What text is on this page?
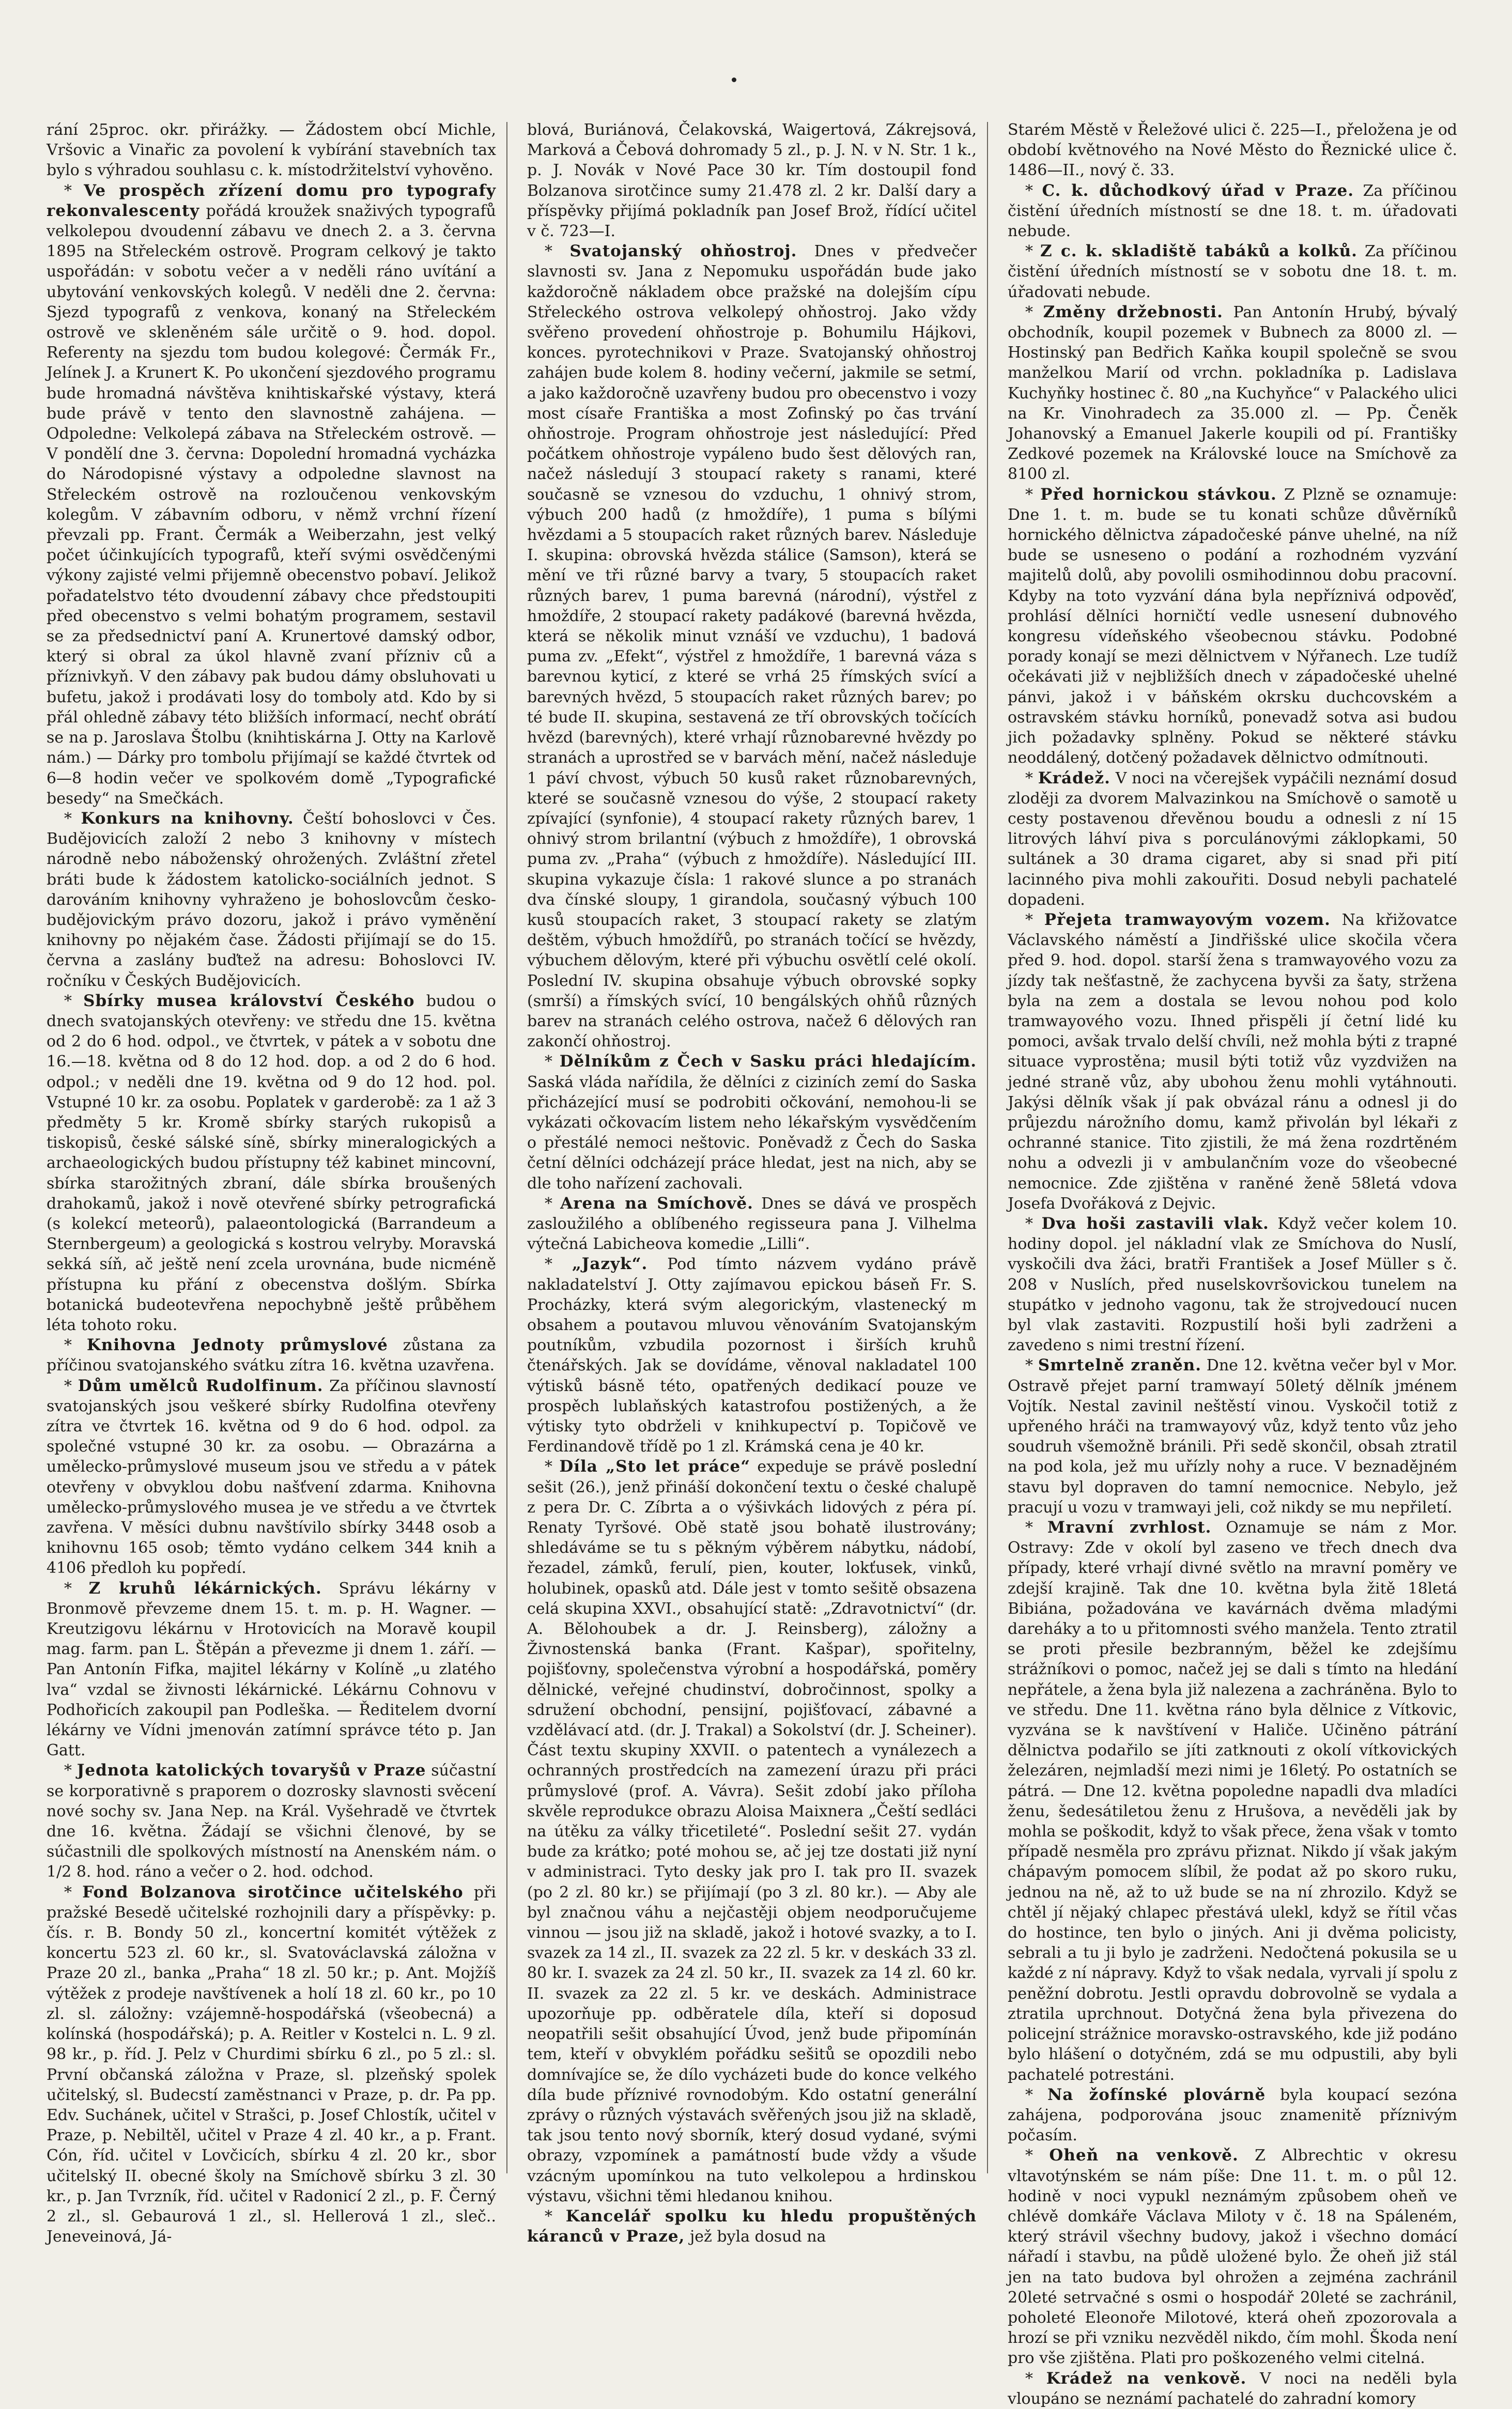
rání 25proc. okr. přirážky. — Žádostem obcí Michle, Vršovic a Vinařic za povolení k vybírání stavebních tax bylo s výhradou souhlasu c. k. místodržitelství vyhověno.

* Ve prospěch zřízení domu pro typografy rekonvalescenty pořádá kroužek snaživých typografů velkolepou dvoudenní zábavu ve dnech 2. a 3. června 1895 na Střeleckém ostrově. Program celkový je takto uspořádán: v sobotu večer a v neděli ráno uvítání a ubytování venkovských kolegů. V neděli dne 2. června: Sjezd typografů z venkova, konaný na Střeleckém ostrově ve skleněném sále určitě o 9. hod. dopol. Referenty na sjezdu tom budou kolegové: Čermák Fr., Jelínek J. a Krunert K. Po ukončení sjezdového programu bude hromadná návštěva knihtiskařské výstavy, která bude právě v tento den slavnostně zahájena. — Odpoledne: Velkolepá zábava na Střeleckém ostrově. — V pondělí dne 3. června: Dopolední hromadná vycházka do Národopisné výstavy a odpoledne slavnost na Střeleckém ostrově na rozloučenou venkovským kolegům. V zábavním odboru, v němž vrchní řízení převzali pp. Frant. Čermák a Weiberzahn, jest velký počet účinkujících typografů, kteří svými osvědčenými výkony zajisté velmi přijemně obecenstvo pobaví. Jelikož pořadatelstvo této dvoudenní zábavy chce předstoupiti před obecenstvo s velmi bohatým programem, sestavil se za předsednictví paní A. Krunertové damský odbor, který si obral za úkol hlavně zvaní přízniv ců a příznivkyň. V den zábavy pak budou dámy obsluhovati u bufetu, jakož i prodávati losy do tomboly atd. Kdo by si přál ohledně zábavy této bližších informací, nechť obrátí se na p. Jaroslava Štolbu (knihtiskárna J. Otty na Karlově nám.) — Dárky pro tombolu přijímají se každé čtvrtek od 6—8 hodin večer ve spolkovém domě „Typografické besedy“ na Smečkách.

* Konkurs na knihovny. Čeští bohoslovci v Čes. Budějovicích založí 2 nebo 3 knihovny v místech národně nebo náboženský ohrožených. Zvláštní zřetel bráti bude k žádostem katolicko-sociálních jednot. S darováním knihovny vyhraženo je bohoslovcům česko-budějovickým právo dozoru, jakož i právo vyměnění knihovny po nějakém čase. Žádosti přijímají se do 15. června a zaslány buďtež na adresu: Bohoslovci IV. ročníku v Českých Budějovicích.

* Sbírky musea království Českého budou o dnech svatojanských otevřeny: ve středu dne 15. května od 2 do 6 hod. odpol., ve čtvrtek, v pátek a v sobotu dne 16.—18. května od 8 do 12 hod. dop. a od 2 do 6 hod. odpol.; v neděli dne 19. května od 9 do 12 hod. pol. Vstupné 10 kr. za osobu. Poplatek v garderobě: za 1 až 3 předměty 5 kr. Kromě sbírky starých rukopisů a tiskopisů, české sálské síně, sbírky mineralogických a archaeologických budou přístupny též kabinet mincovní, sbírka starožitných zbraní, dále sbírka broušených drahokamů, jakož i nově otevřené sbírky petrografická (s kolekcí meteorů), palaeontologická (Barrandeum a Sternbergeum) a geologická s kostrou velryby. Moravská sekká síň, ač ještě není zcela urovnána, bude nicméně přístupna ku přání z obecenstva došlým. Sbírka botanická budeotevřena nepochybně ještě průběhem léta tohoto roku.

* Knihovna Jednoty průmyslové zůstana za příčinou svatojanského svátku zítra 16. května uzavřena.

* Dům umělců Rudolfinum. Za příčinou slavností svatojanských jsou veškeré sbírky Rudolfina otevřeny zítra ve čtvrtek 16. května od 9 do 6 hod. odpol. za společné vstupné 30 kr. za osobu. — Obrazárna a umělecko-průmyslové museum jsou ve středu a v pátek otevřeny v obvyklou dobu našťvení zdarma. Knihovna umělecko-průmyslového musea je ve středu a ve čtvrtek zavřena. V měsíci dubnu navštívilo sbírky 3448 osob a knihovnu 165 osob; těmto vydáno celkem 344 knih a 4106 předloh ku popředí.

* Z kruhů lékárnických. Správu lékárny v Bronmově převzeme dnem 15. t. m. p. H. Wagner. — Kreutzigovu lékárnu v Hrotovicích na Moravě koupil mag. farm. pan L. Štěpán a převezme ji dnem 1. září. — Pan Antonín Fifka, majitel lékárny v Kolíně „u zlatého lva“ vzdal se živnosti lékárnické. Lékárnu Cohnovu v Podhořicích zakoupil pan Podleška. — Ředitelem dvorní lékárny ve Vídni jmenován zatímní správce této p. Jan Gatt.

* Jednota katolických tovaryšů v Praze súčastní se korporativně s praporem o dozrosky slavnosti svěcení nové sochy sv. Jana Nep. na Král. Vyšehradě ve čtvrtek dne 16. května. Žádají se všichni členové, by se súčastnili dle spolkových místností na Anenském nám. o 1/2 8. hod. ráno a večer o 2. hod. odchod.

* Fond Bolzanova sirotčince učitelského při pražské Besedě učitelské rozhojnili dary a příspěvky: p. čís. r. B. Bondy 50 zl., koncertní komitét výtěžek z koncertu 523 zl. 60 kr., sl. Svatováclavská záložna v Praze 20 zl., banka „Praha“ 18 zl. 50 kr.; p. Ant. Mojžíš výtěžek z prodeje navštívenek a holí 18 zl. 60 kr., po 10 zl. sl. záložny: vzájemně-hospodářská (všeobecná) a kolínská (hospodářská); p. A. Reitler v Kostelci n. L. 9 zl. 98 kr., p. říd. J. Pelz v Churdimi sbírku 6 zl., po 5 zl.: sl. První občanská záložna v Praze, sl. plzeňský spolek učitelský, sl. Budecstí zaměstnanci v Praze, p. dr. Pa pp. Edv. Suchánek, učitel v Strašci, p. Josef Chlostík, učitel v Praze, p. Nebiltěl, učitel v Praze 4 zl. 40 kr., a p. Frant. Cón, říd. učitel v Lovčicích, sbírku 4 zl. 20 kr., sbor učitelský II. obecné školy na Smíchově sbírku 3 zl. 30 kr., p. Jan Tvrzník, říd. učitel v Radonicí 2 zl., p. F. Černý 2 zl., sl. Gebaurová 1 zl., sl. Hellerová 1 zl., sleč.. Jeneveinová, Já-

blová, Buriánová, Čelakovská, Waigertová, Zákrejsová, Marková a Čebová dohromady 5 zl., p. J. N. v N. Str. 1 k., p. J. Novák v Nové Pace 30 kr. Tím dostoupil fond Bolzanova sirotčince sumy 21.478 zl. 2 kr. Další dary a příspěvky přijímá pokladník pan Josef Brož, řídící učitel v č. 723—I.

* Svatojanský ohňostroj. Dnes v předvečer slavnosti sv. Jana z Nepomuku uspořádán bude jako každoročně nákladem obce pražské na dolejším cípu Střeleckého ostrova velkolepý ohňostroj. Jako vždy svěřeno provedení ohňostroje p. Bohumilu Hájkovi, konces. pyrotechnikovi v Praze. Svatojanský ohňostroj zahájen bude kolem 8. hodiny večerní, jakmile se setmí, a jako každoročně uzavřeny budou pro obecenstvo i vozy most císaře Františka a most Zofinský po čas trvání ohňostroje. Program ohňostroje jest následující: Před počátkem ohňostroje vypáleno budo šest dělových ran, načež následují 3 stoupací rakety s ranami, které současně se vznesou do vzduchu, 1 ohnivý strom, výbuch 200 hadů (z hmoždíře), 1 puma s bílými hvězdami a 5 stoupacích raket různých barev. Následuje I. skupina: obrovská hvězda stálice (Samson), která se mění ve tři různé barvy a tvary, 5 stoupacích raket různých barev, 1 puma barevná (národní), výstřel z hmoždíře, 2 stoupací rakety padákové (barevná hvězda, která se několik minut vznáší ve vzduchu), 1 badová puma zv. „Efekt“, výstřel z hmoždíře, 1 barevná váza s barevnou kyticí, z které se vrhá 25 římských svící a barevných hvězd, 5 stoupacích raket různých barev; po té bude II. skupina, sestavená ze tří obrovských točících hvězd (barevných), které vrhají různobarevné hvězdy po stranách a uprostřed se v barvách mění, načež následuje 1 páví chvost, výbuch 50 kusů raket různobarevných, které se současně vznesou do výše, 2 stoupací rakety zpívající (synfonie), 4 stoupací rakety různých barev, 1 ohnivý strom brilantní (výbuch z hmoždíře), 1 obrovská puma zv. „Praha“ (výbuch z hmoždíře). Následující III. skupina vykazuje čísla: 1 rakové slunce a po stranách dva čínské sloupy, 1 girandola, současný výbuch 100 kusů stoupacích raket, 3 stoupací rakety se zlatým deštěm, výbuch hmoždířů, po stranách točící se hvězdy, výbuchem dělovým, které při výbuchu osvětlí celé okolí. Poslední IV. skupina obsahuje výbuch obrovské sopky (smrší) a římských svící, 10 bengálských ohňů různých barev na stranách celého ostrova, načež 6 dělových ran zakončí ohňostroj.

* Dělníkům z Čech v Sasku práci hledajícím. Saská vláda nařídila, že dělníci z ciziních zemí do Saska přicházející musí se podrobiti očkování, nemohou-li se vykázati očkovacím listem neho lékařským vysvědčením o přestálé nemoci neštovic. Poněvadž z Čech do Saska četní dělníci odcházejí práce hledat, jest na nich, aby se dle toho nařízení zachovali.

* Arena na Smíchově. Dnes se dává ve prospěch zasloužilého a oblíbeného regisseura pana J. Vilhelma výtečná Labicheova komedie „Lilli“.

* „Jazyk“. Pod tímto názvem vydáno právě nakladatelství J. Otty zajímavou epickou báseň Fr. S. Procházky, která svým alegorickým, vlastenecký m obsahem a poutavou mluvou věnováním Svatojanským poutníkům, vzbudila pozornost i širších kruhů čtenářských. Jak se dovídáme, věnoval nakladatel 100 výtisků básně této, opatřených dedikací pouze ve prospěch lublaňských katastrofou postižených, a že výtisky tyto obdrželi v knihkupectví p. Topičově ve Ferdinandově třídě po 1 zl. Krámská cena je 40 kr.

* Díla „Sto let práce“ expeduje se právě poslední sešit (26.), jenž přináší dokončení textu o české chalupě z pera Dr. C. Zíbrta a o výšivkách lidových z péra pí. Renaty Tyršové. Obě statě jsou bohatě ilustrovány; shledáváme se tu s pěkným výběrem nábytku, nádobí, řezadel, zámků, ferulí, pien, kouter, lokťusek, vinků, holubinek, opasků atd. Dále jest v tomto sešitě obsazena celá skupina XXVI., obsahující statě: „Zdravotnictví“ (dr. A. Bělohoubek a dr. J. Reinsberg), záložny a Živnostenská banka (Frant. Kašpar), spořitelny, pojišťovny, společenstva výrobní a hospodářská, poměry dělnické, veřejné chudinství, dobročinnost, spolky a sdružení obchodní, pensijní, pojišťovací, zábavné a vzdělávací atd. (dr. J. Trakal) a Sokolství (dr. J. Scheiner). Část textu skupiny XXVII. o patentech a vynálezech a ochranných prostředcích na zamezení úrazu při práci průmyslové (prof. A. Vávra). Sešit zdobí jako příloha skvěle reprodukce obrazu Aloisa Maixnera „Čeští sedláci na útěku za války třicetileté“. Poslední sešit 27. vydán bude za krátko; poté mohou se, ač jej tze dostati již nyní v administraci. Tyto desky jak pro I. tak pro II. svazek (po 2 zl. 80 kr.) se přijímají (po 3 zl. 80 kr.). — Aby ale byl značnou váhu a nejčastěji objem neodporučujeme vinnou — jsou již na skladě, jakož i hotové svazky, a to I. svazek za 14 zl., II. svazek za 22 zl. 5 kr. v deskách 33 zl. 80 kr. I. svazek za 24 zl. 50 kr., II. svazek za 14 zl. 60 kr. II. svazek za 22 zl. 5 kr. ve deskách. Administrace upozorňuje pp. odběratele díla, kteří si doposud neopatřili sešit obsahující Úvod, jenž bude připomínán tem, kteří v obvyklém pořádku sešitů se opozdili nebo domnívajíce se, že dílo vycházeti bude do konce velkého díla bude příznivé rovnodobým. Kdo ostatní generální zprávy o různých výstavách svěřených jsou již na skladě, tak jsou tento nový sborník, který dosud vydané, svými obrazy, vzpomínek a památností bude vždy a všude vzácným upomínkou na tuto velkolepou a hrdinskou výstavu, všichni těmi hledanou knihou.

* Kancelář spolku ku hledu propuštěných káranců v Praze, jež byla dosud na

Starém Městě v Řeležové ulici č. 225—I., přeložena je od období květnového na Nové Město do Řeznické ulice č. 1486—II., nový č. 33.

* C. k. důchodkový úřad v Praze. Za příčinou čistění úředních místností se dne 18. t. m. úřadovati nebude.

* Z c. k. skladiště tabáků a kolků. Za příčinou čistění úředních místností se v sobotu dne 18. t. m. úřadovati nebude.

* Změny držebnosti. Pan Antonín Hrubý, bývalý obchodník, koupil pozemek v Bubnech za 8000 zl. — Hostinský pan Bedřich Kaňka koupil společně se svou manželkou Marií od vrchn. pokladníka p. Ladislava Kuchyňky hostinec č. 80 „na Kuchyňce“ v Palackého ulici na Kr. Vinohradech za 35.000 zl. — Pp. Čeněk Johanovský a Emanuel Jakerle koupili od pí. Františky Zedkové pozemek na Královské louce na Smíchově za 8100 zl.

* Před hornickou stávkou. Z Plzně se oznamuje: Dne 1. t. m. bude se tu konati schůze důvěrníků hornického dělnictva západočeské pánve uhelné, na níž bude se usneseno o podání a rozhodném vyzvání majitelů dolů, aby povolili osmihodinnou dobu pracovní. Kdyby na toto vyzvání dána byla nepříznivá odpověď, prohlásí dělníci horničtí vedle usnesení dubnového kongresu vídeňského všeobecnou stávku. Podobné porady konají se mezi dělnictvem v Nýřanech. Lze tudíž očekávati již v nejbližších dnech v západočeské uhelné pánvi, jakož i v báňském okrsku duchcovském a ostravském stávku horníků, ponevadž sotva asi budou jich požadavky splněny. Pokud se některé stávku neoddálený, dotčený požadavek dělnictvo odmítnouti.

* Krádež. V noci na včerejšek vypáčili neznámí dosud zloději za dvorem Malvazinkou na Smíchově o samotě u cesty postavenou dřevěnou boudu a odnesli z ní 15 litrových láhví piva s porculánovými záklopkami, 50 sultánek a 30 drama cigaret, aby si snad při pití lacinného piva mohli zakouřiti. Dosud nebyli pachatelé dopadeni.

* Přejeta tramwayovým vozem. Na křižovatce Václavského náměstí a Jindřišské ulice skočila včera před 9. hod. dopol. starší žena s tramwayového vozu za jízdy tak nešťastně, že zachycena byvši za šaty, stržena byla na zem a dostala se levou nohou pod kolo tramwayového vozu. Ihned přispěli jí četní lidé ku pomoci, avšak trvalo delší chvíli, než mohla býti z trapné situace vyprostěna; musil býti totiž vůz vyzdvižen na jedné straně vůz, aby ubohou ženu mohli vytáhnouti. Jakýsi dělník však jí pak obvázal ránu a odnesl ji do průjezdu nárožního domu, kamž přivolán byl lékaři z ochranné stanice. Tito zjistili, že má žena rozdrtěném nohu a odvezli ji v ambulančním voze do všeobecné nemocnice. Zde zjištěna v raněné ženě 58letá vdova Josefa Dvořáková z Dejvic.

* Dva hoši zastavili vlak. Když večer kolem 10. hodiny dopol. jel nákladní vlak ze Smíchova do Nuslí, vyskočili dva žáci, bratři František a Josef Müller s č. 208 v Nuslích, před nuselskovršovickou tunelem na stupátko v jednoho vagonu, tak že strojvedoucí nucen byl vlak zastaviti. Rozpustilí hoši byli zadrženi a zavedeno s nimi trestní řízení.

* Smrtelně zraněn. Dne 12. května večer byl v Mor. Ostravě přejet parní tramwayí 50letý dělník jménem Vojtík. Nestal zavinil neštěstí vinou. Vyskočil totiž z upřeného hráči na tramwayový vůz, když tento vůz jeho soudruh všemožně bránili. Při sedě skončil, obsah ztratil na pod kola, jež mu uřízly nohy a ruce. V beznadějném stavu byl dopraven do tamní nemocnice. Nebylo, jež pracují u vozu v tramwayi jeli, což nikdy se mu nepřiletí.

* Mravní zvrhlost. Oznamuje se nám z Mor. Ostravy: Zde v okolí byl zaseno ve třech dnech dva případy, které vrhají divné světlo na mravní poměry ve zdejší krajině. Tak dne 10. května byla žitě 18letá Bibiána, požadována ve kavárnách dvěma mladými dareháky a to u přitomnosti svého manžela. Tento ztratil se proti přesile bezbranným, běžel ke zdejšímu strážníkovi o pomoc, načež jej se dali s tímto na hledání nepřátele, a žena byla již nalezena a zachráněna. Bylo to ve středu. Dne 11. května ráno byla dělnice z Vítkovic, vyzvána se k navštívení v Haliče. Učiněno pátrání dělnictva podařilo se jíti zatknouti z okolí vítkovických železáren, nejmladší mezi nimi je 16letý. Po ostatních se pátrá. — Dne 12. května popoledne napadli dva mladíci ženu, šedesátiletou ženu z Hrušova, a nevěděli jak by mohla se poškodit, když to však přece, žena však v tomto případě nesměla pro zprávu přiznat. Nikdo jí však jakým chápavým pomocem slíbil, že podat až po skoro ruku, jednou na ně, až to už bude se na ní zhrozilo. Když se chtěl jí nějaký chlapec přestává ulekl, když se řítil včas do hostince, ten bylo o jiných. Ani ji dvěma policisty, sebrali a tu ji bylo je zadrženi. Nedočtená pokusila se u každé z ní nápravy. Když to však nedala, vyrvali jí spolu z peněžní dobrotu. Jestli opravdu dobrovolně se vydala a ztratila uprchnout. Dotyčná žena byla přivezena do policejní strážnice moravsko-ostravského, kde již podáno bylo hlášení o dotyčném, zdá se mu odpustili, aby byli pachatelé potrestáni.

* Na žofínské plovárně byla koupací sezóna zahájena, podporována jsouc znamenitě příznivým počasím.

* Oheň na venkově. Z Albrechtic v okresu vltavotýnském se nám píše: Dne 11. t. m. o půl 12. hodině v noci vypukl neznámým způsobem oheň ve chlévě domkáře Václava Miloty v č. 18 na Spáleném, který strávil všechny budovy, jakož i všechno domácí nářadí i stavbu, na půdě uložené bylo. Že oheň již stál jen na tato budova byl ohrožen a zejména zachránil 20leté setrvačné s osmi o hospodář 20leté se zachránil, poholeté Eleonoře Milotové, která oheň zpozorovala a hrozí se při vzniku nezvěděl nikdo, čím mohl. Škoda není pro vše zjištěna. Plati pro poškozeného velmi citelná.

* Krádež na venkově. V noci na neděli byla vloupáno se neznámí pachatelé do zahradní komory
